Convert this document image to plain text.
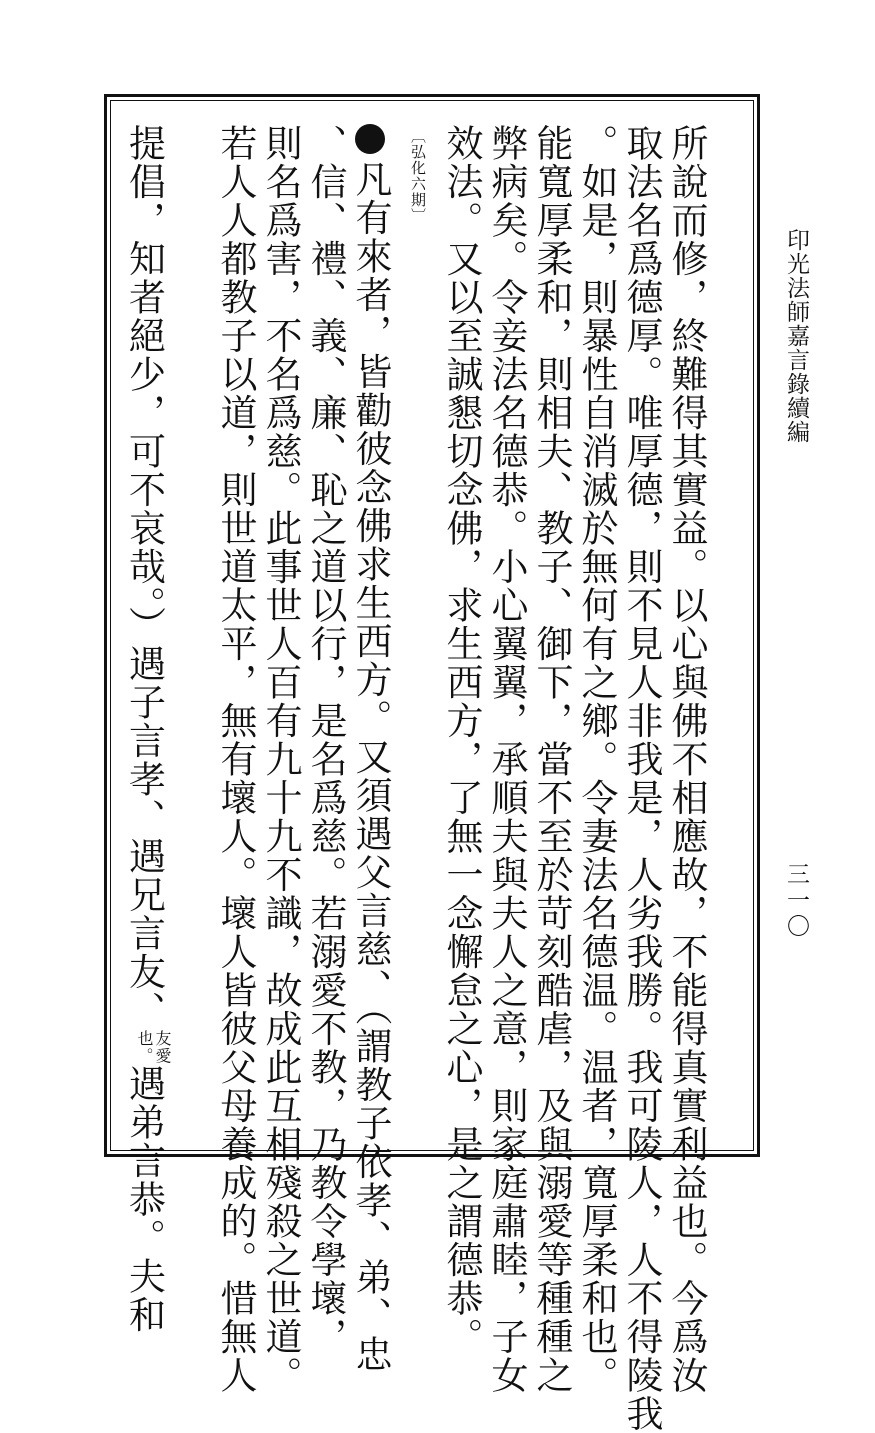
印光法師嘉言錄續編
三一〇
所說而修，終難得其實益。以心與佛不相應故，不能得真實利益也。今爲汝
取法名爲德厚。唯厚德，則不見人非我是，人劣我勝。我可陵人，人不得陵我
。如是，則暴性自消滅於無何有之鄉。令妻法名德温。温者，寬厚柔和也。
能寬厚柔和，則相夫、教子、御下，當不至於苛刻酷虐，及與溺愛等種種之
弊病矣。令妾法名德恭。小心翼翼，承順夫與夫人之意，則家庭肅睦，子女
效法。又以至誠懇切念佛，求生西方，了無一念懈怠之心，是之謂德恭。
〔弘化六期〕
凡有來者，皆勸彼念佛求生西方。又須遇父言慈、（謂教子依孝、弟、忠
、信、禮、義、廉、恥之道以行，是名爲慈。若溺愛不教，乃教令學壞，
則名爲害，不名爲慈。此事世人百有九十九不識，故成此互相殘殺之世道。
若人人都教子以道，則世道太平，無有壞人。壞人皆彼父母養成的。惜無人
提倡，知者絕少，可不哀哉。）遇子言孝、遇兄言友、
友愛
也。
遇弟言恭。夫和
